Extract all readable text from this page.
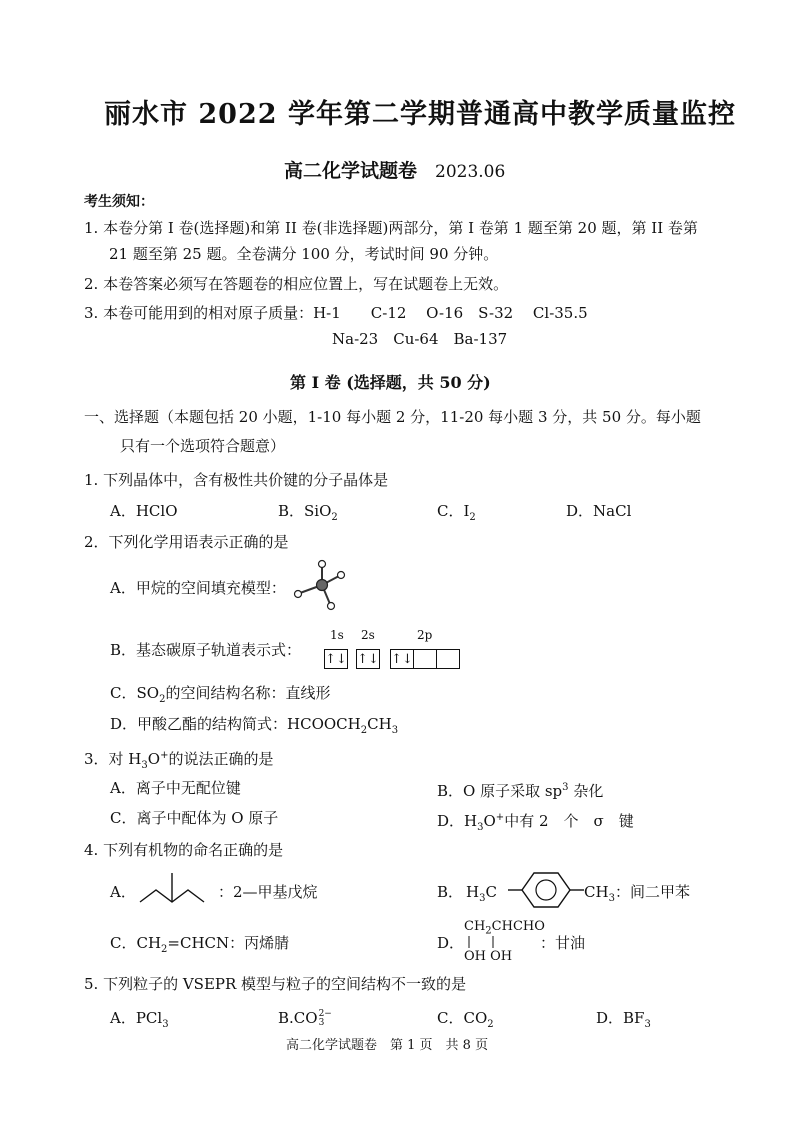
丽水市 2022 学年第二学期普通高中教学质量监控
高二化学试题卷 2023.06
考生须知：
1. 本卷分第 I 卷(选择题)和第 II 卷(非选择题)两部分，第 I 卷第 1 题至第 20 题，第 II 卷第
21 题至第 25 题。全卷满分 100 分，考试时间 90 分钟。
2. 本卷答案必须写在答题卷的相应位置上，写在试题卷上无效。
3. 本卷可能用到的相对原子质量：H-1　　C-12　 O-16　S-32　 Cl-35.5
Na-23　Cu-64　Ba-137
第 I 卷 (选择题，共 50 分)
一、选择题（本题包括 20 小题，1-10 每小题 2 分，11-20 每小题 3 分，共 50 分。每小题
只有一个选项符合题意）
1. 下列晶体中，含有极性共价键的分子晶体是
A．HClO	B．SiO$_2$	C．$I_2$	D．NaCl
2．下列化学用语表示正确的是
A．甲烷的空间填充模型：
B．基态碳原子轨道表示式：
1s 2s	2p
↑↓ ↑↓ ↑↓
C．$SO_2$的空间结构名称：直线形
D．甲酸乙酯的结构简式：$HCOOCH_2CH_3$
3．对 $H_3O^+$的说法正确的是
A．离子中无配位键	B．O 原子采取 $sp^3$ 杂化
C．离子中配体为 O 原子	D．$H_3O^+$中有 2　个　σ　键
4. 下列有机物的命名正确的是
A．	：2—甲基戊烷	B． $H_3C$	$CH_3$：间二甲苯
C．$CH_2=CHCN$：丙烯腈	D．
$CH_2CHCHO$
OH OH
：甘油
5. 下列粒子的 VSEPR 模型与粒子的空间结构不一致的是
A．PCl$_3$	B.CO 2−
3	C．$CO_2$	D．$BF_3$
高二化学试题卷　第 1 页　共 8 页
